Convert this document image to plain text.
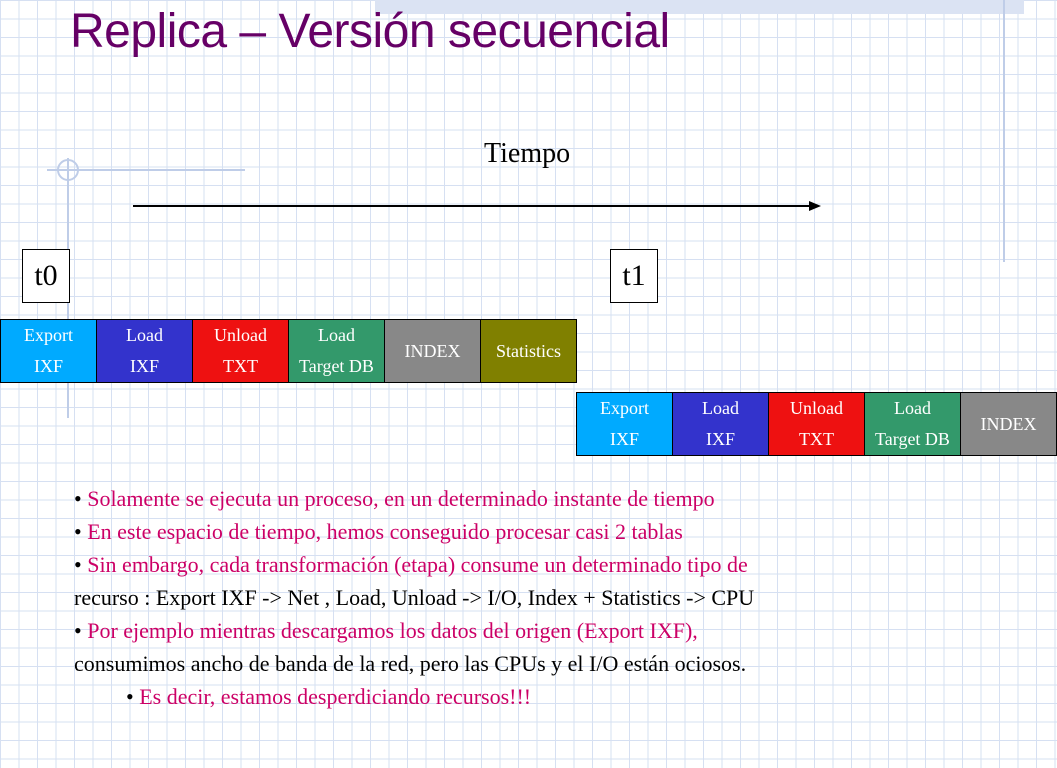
Replica – Versión secuencial
Tiempo
t0	t1
Export
IXF
Load
IXF
Unload
TXT
Load
Target DB
INDEX Statistics
Export
IXF
Load
IXF
Unload
TXT
Load
Target DB
INDEX
• Solamente se ejecuta un proceso, en un determinado instante de tiempo
• En este espacio de tiempo, hemos conseguido procesar casi 2 tablas
• Sin embargo, cada transformación (etapa) consume un determinado tipo de
recurso : Export IXF -> Net , Load, Unload -> I/O, Index + Statistics -> CPU
• Por ejemplo mientras descargamos los datos del origen (Export IXF),
consumimos ancho de banda de la red, pero las CPUs y el I/O están ociosos.
• Es decir, estamos desperdiciando recursos!!!
